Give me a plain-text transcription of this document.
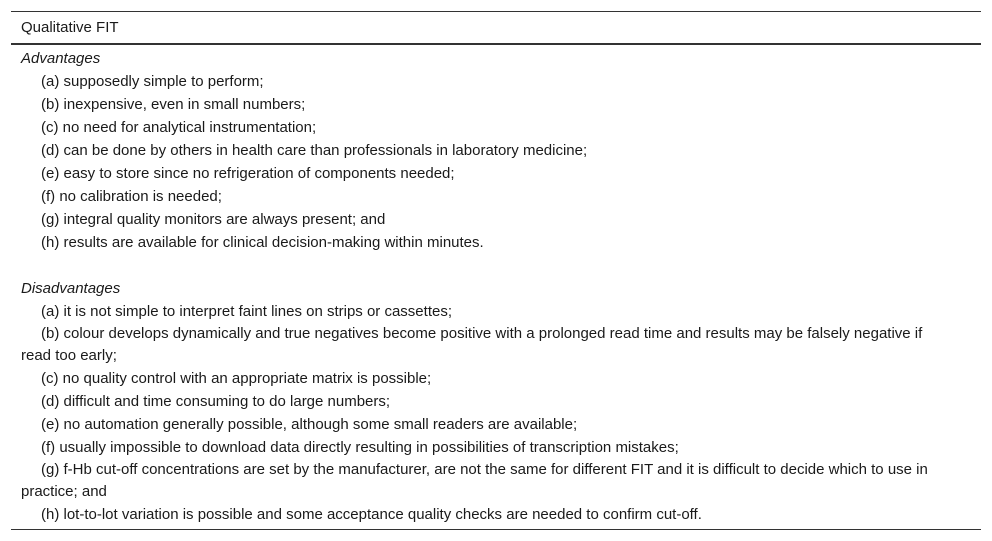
Qualitative FIT
Advantages
(a) supposedly simple to perform;
(b) inexpensive, even in small numbers;
(c) no need for analytical instrumentation;
(d) can be done by others in health care than professionals in laboratory medicine;
(e) easy to store since no refrigeration of components needed;
(f) no calibration is needed;
(g) integral quality monitors are always present; and
(h) results are available for clinical decision-making within minutes.
Disadvantages
(a) it is not simple to interpret faint lines on strips or cassettes;
(b) colour develops dynamically and true negatives become positive with a prolonged read time and results may be falsely negative if read too early;
(c) no quality control with an appropriate matrix is possible;
(d) difficult and time consuming to do large numbers;
(e) no automation generally possible, although some small readers are available;
(f) usually impossible to download data directly resulting in possibilities of transcription mistakes;
(g) f-Hb cut-off concentrations are set by the manufacturer, are not the same for different FIT and it is difficult to decide which to use in practice; and
(h) lot-to-lot variation is possible and some acceptance quality checks are needed to confirm cut-off.
